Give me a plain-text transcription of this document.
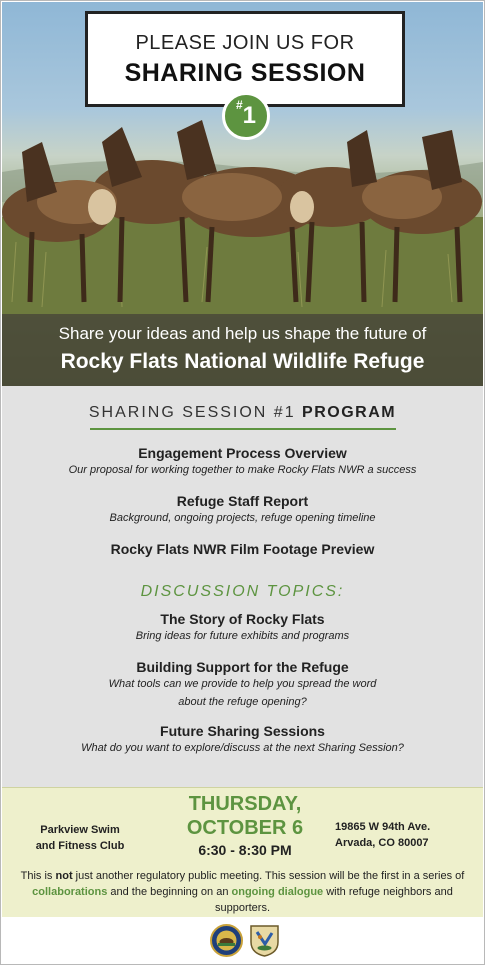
PLEASE JOIN US FOR
SHARING SESSION
#1
Share your ideas and help us shape the future of
Rocky Flats National Wildlife Refuge
SHARING SESSION #1 PROGRAM
Engagement Process Overview
Our proposal for working together to make Rocky Flats NWR a success
Refuge Staff Report
Background, ongoing projects, refuge opening timeline
Rocky Flats NWR Film Footage Preview
DISCUSSION TOPICS:
The Story of Rocky Flats
Bring ideas for future exhibits and programs
Building Support for the Refuge
What tools can we provide to help you spread the word
about the refuge opening?
Future Sharing Sessions
What do you want to explore/discuss at the next Sharing Session?
Parkview Swim
and Fitness Club
THURSDAY,
OCTOBER 6
6:30 - 8:30 PM
19865 W 94th Ave.
Arvada, CO 80007
This is not just another regulatory public meeting. This session will be the first in a series of collaborations and the beginning on an ongoing dialogue with refuge neighbors and supporters.
